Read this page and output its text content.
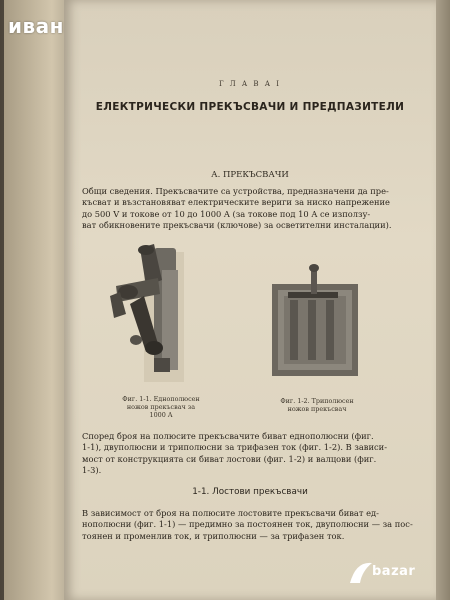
иван
Г Л А В А I
ЕЛЕКТРИЧЕСКИ ПРЕКЪСВАЧИ И ПРЕДПАЗИТЕЛИ
А. ПРЕКЪСВАЧИ
Общи сведения. Прекъсвачите са устройства, предназначени да пре-
късват и възстановяват електрическите вериги за ниско напрежение
до 500 V и токове от 10 до 1000 A (за токове под 10 A се използу-
ват обикновените прекъсвачи (ключове) за осветителни инсталации).
Фиг. 1-1. Еднополюсен
ножов прекъсвач за
1000 A
Фиг. 1-2. Триполюсен
ножов прекъсвач
Според броя на полюсите прекъсвачите биват еднополюсни (фиг.
1-1), двуполюсни и триполюсни за трифазен ток (фиг. 1-2). В зависи-
мост от конструкцията си биват лостови (фиг. 1-2) и валцови (фиг.
1-3).
1-1. Лостови прекъсвачи
В зависимост от броя на полюсите лостовите прекъсвачи биват ед-
нополюсни (фиг. 1-1) — предимно за постоянен ток, двуполюсни — за пос-
тоянен и променлив ток, и триполюсни — за трифазен ток.
bazar
